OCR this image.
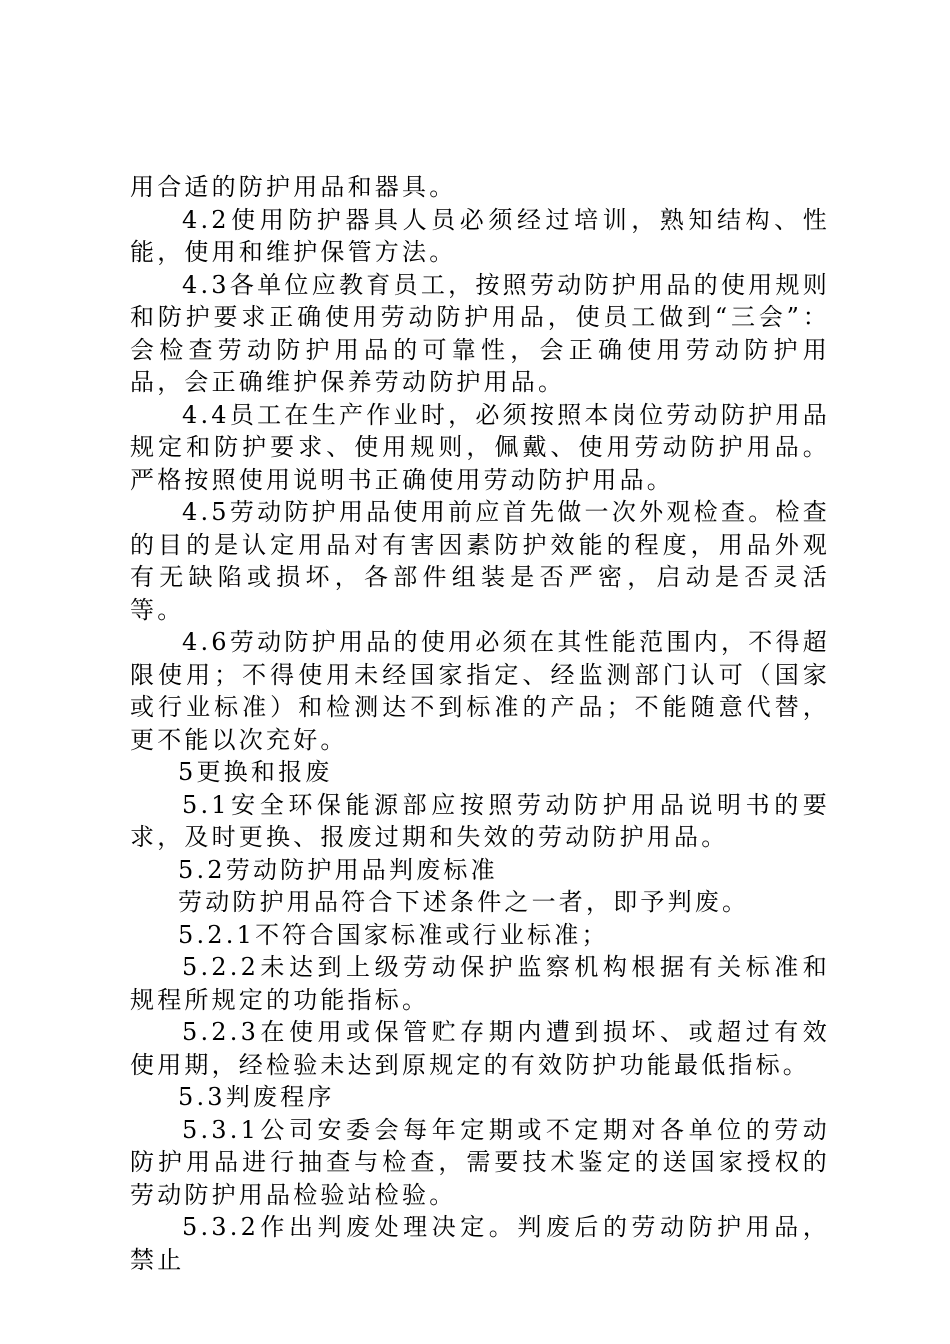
用合适的防护用品和器具。

4.2使用防护器具人员必须经过培训，熟知结构、性能，使用和维护保管方法。

4.3各单位应教育员工，按照劳动防护用品的使用规则和防护要求正确使用劳动防护用品，使员工做到“三会”：会检查劳动防护用品的可靠性，会正确使用劳动防护用品，会正确维护保养劳动防护用品。

4.4员工在生产作业时，必须按照本岗位劳动防护用品规定和防护要求、使用规则，佩戴、使用劳动防护用品。严格按照使用说明书正确使用劳动防护用品。

4.5劳动防护用品使用前应首先做一次外观检查。检查的目的是认定用品对有害因素防护效能的程度，用品外观有无缺陷或损坏，各部件组装是否严密，启动是否灵活等。

4.6劳动防护用品的使用必须在其性能范围内，不得超限使用；不得使用未经国家指定、经监测部门认可（国家或行业标准）和检测达不到标准的产品；不能随意代替，更不能以次充好。

5更换和报废

5.1安全环保能源部应按照劳动防护用品说明书的要求，及时更换、报废过期和失效的劳动防护用品。

5.2劳动防护用品判废标准

劳动防护用品符合下述条件之一者，即予判废。

5.2.1不符合国家标准或行业标准；

5.2.2未达到上级劳动保护监察机构根据有关标准和规程所规定的功能指标。

5.2.3在使用或保管贮存期内遭到损坏、或超过有效使用期，经检验未达到原规定的有效防护功能最低指标。

5.3判废程序

5.3.1公司安委会每年定期或不定期对各单位的劳动防护用品进行抽查与检查，需要技术鉴定的送国家授权的劳动防护用品检验站检验。

5.3.2作出判废处理决定。判废后的劳动防护用品，禁止
